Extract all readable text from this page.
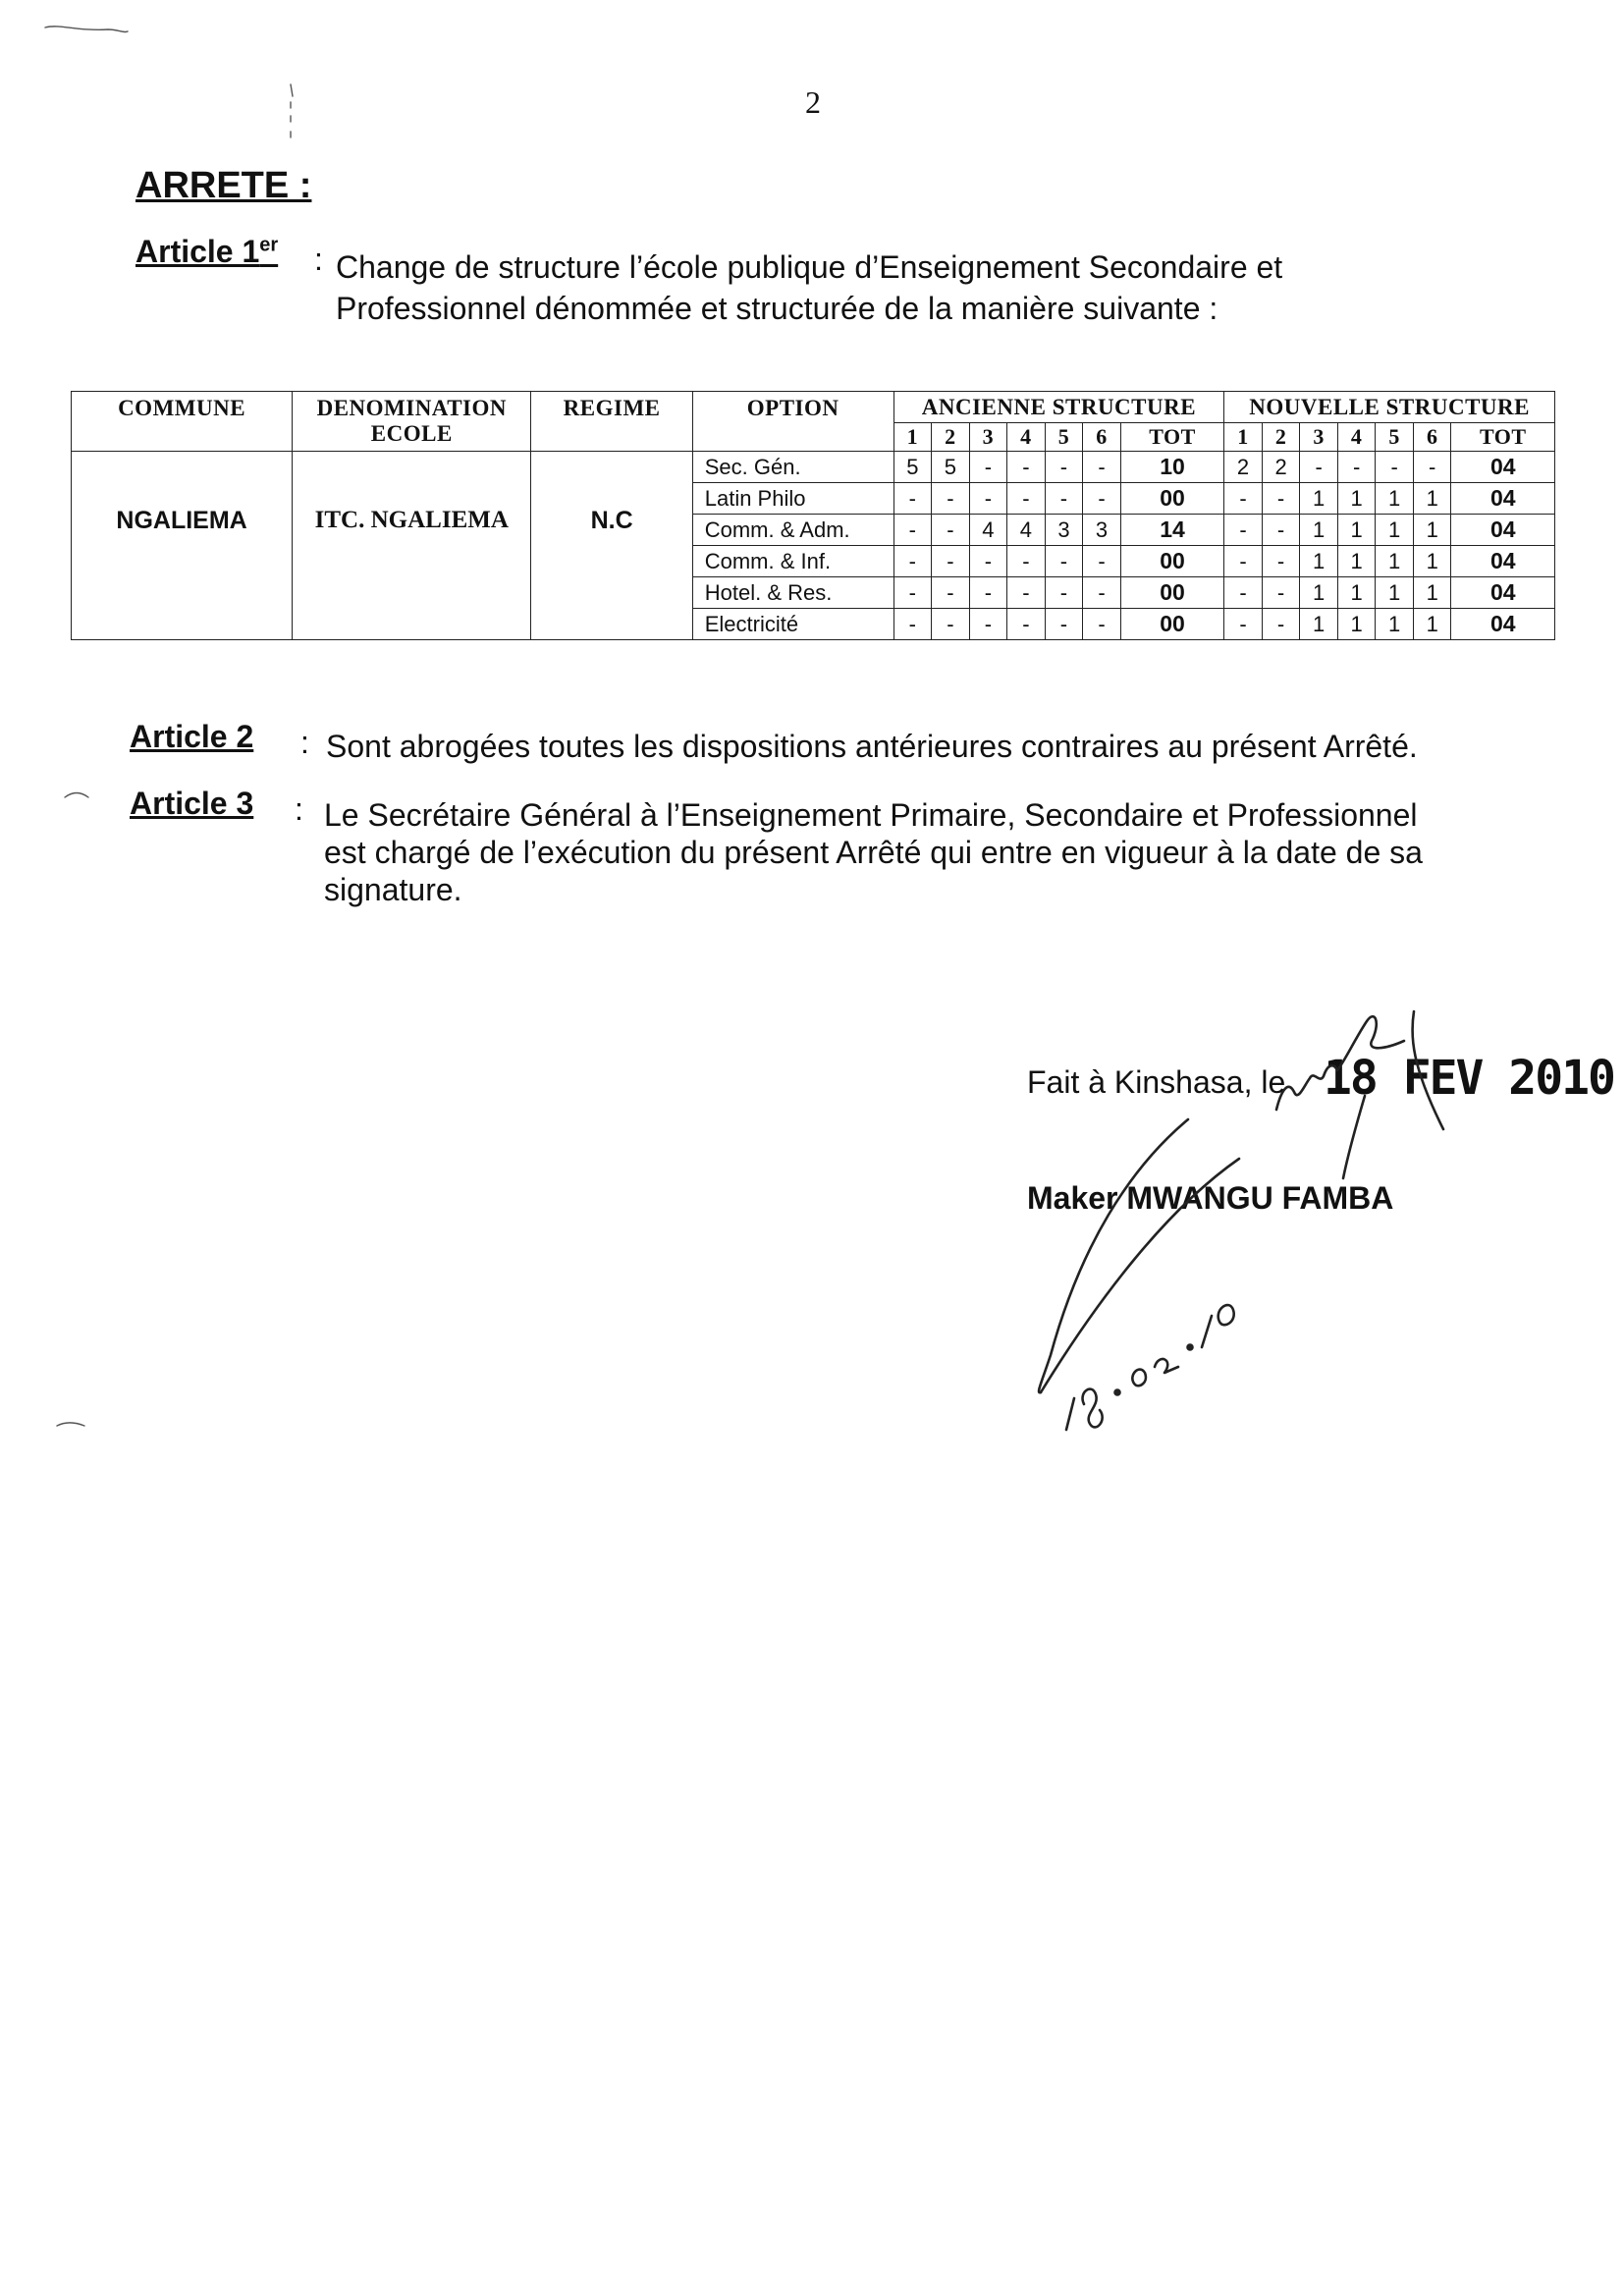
2
ARRETE :
Article 1er : Change de structure l’école publique d’Enseignement Secondaire et
Professionnel dénommée et structurée de la manière suivante :
COMMUNE	DENOMINATION ECOLE	REGIME	OPTION	ANCIENNE STRUCTURE							NOUVELLE STRUCTURE						
				1	2	3	4	5	6	TOT	1	2	3	4	5	6	TOT
NGALIEMA	ITC. NGALIEMA	N.C	Sec. Gén.	5	5	-	-	-	-	10	2	2	-	-	-	-	04
			Latin Philo	-	-	-	-	-	-	00	-	-	1	1	1	1	04
			Comm. & Adm.	-	-	4	4	3	3	14	-	-	1	1	1	1	04
			Comm. & Inf.	-	-	-	-	-	-	00	-	-	1	1	1	1	04
			Hotel. & Res.	-	-	-	-	-	-	00	-	-	1	1	1	1	04
			Electricité	-	-	-	-	-	-	00	-	-	1	1	1	1	04
Article 2 : Sont abrogées toutes les dispositions antérieures contraires au présent Arrêté.
Article 3 : Le Secrétaire Général à l’Enseignement Primaire, Secondaire et Professionnel
est chargé de l’exécution du présent Arrêté qui entre en vigueur à la date de sa
signature.
Fait à Kinshasa, le 18 FEV 2010
Maker MWANGU FAMBA
